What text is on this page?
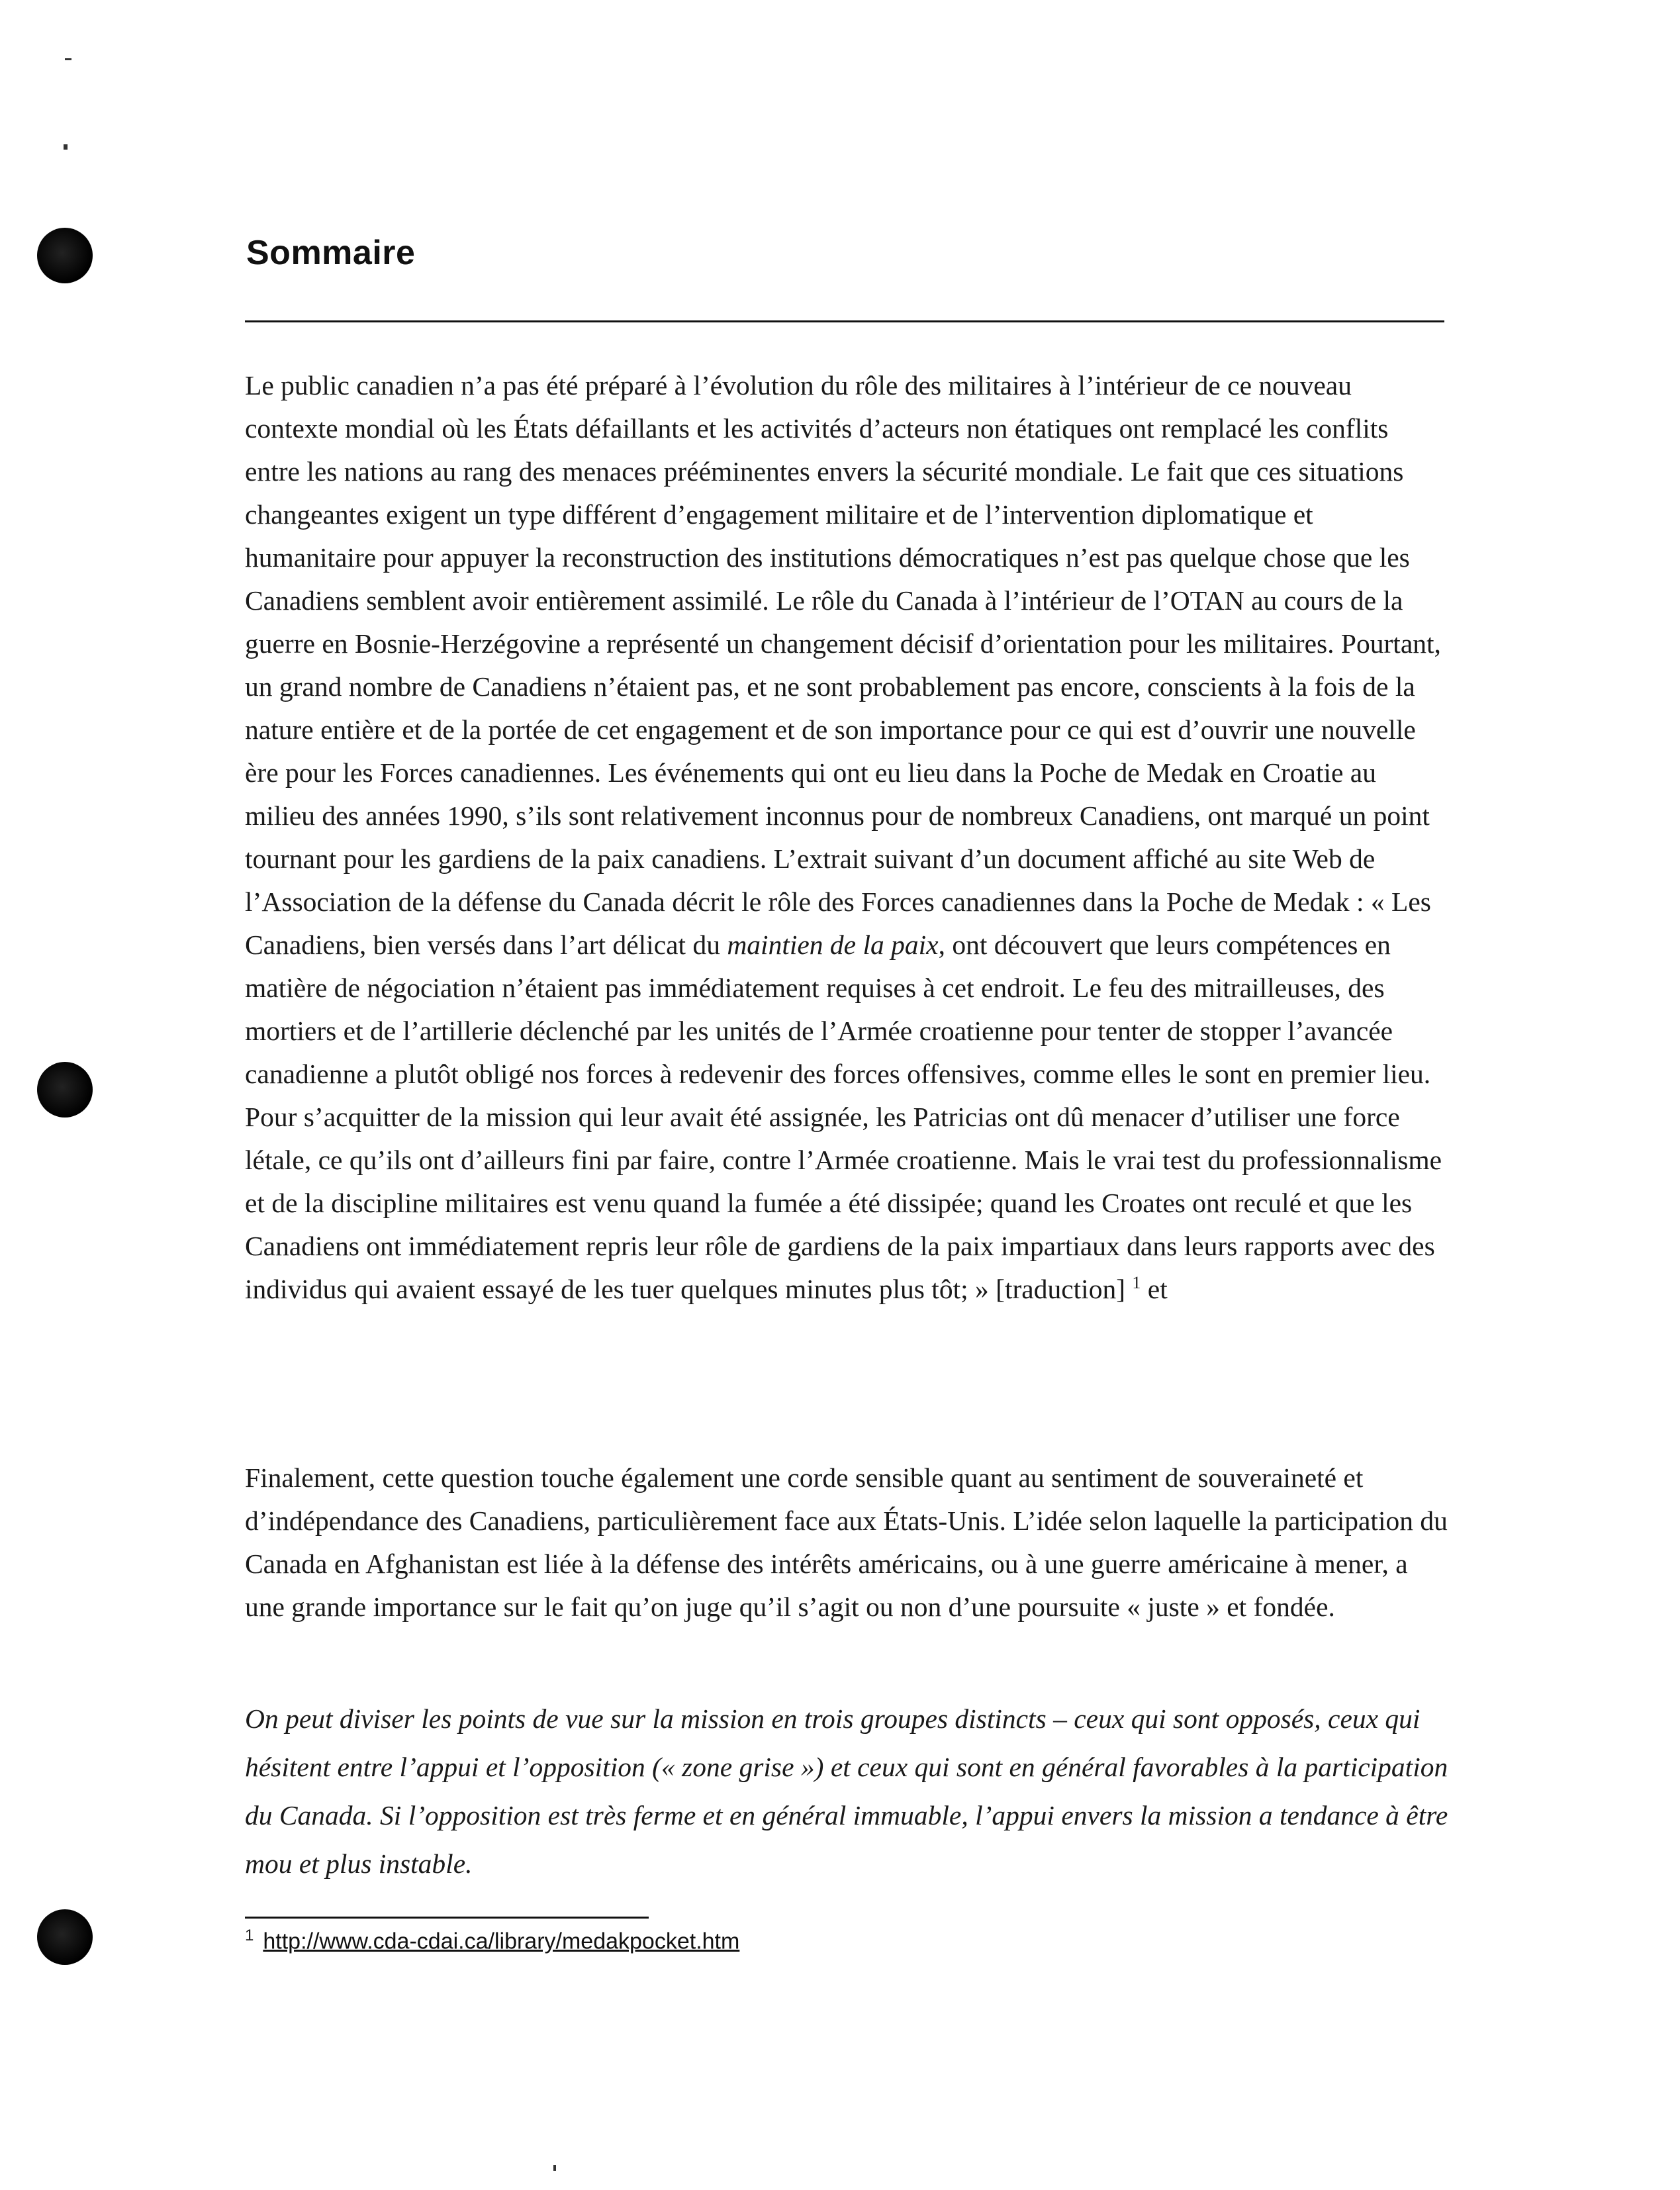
Sommaire

Le public canadien n’a pas été préparé à l’évolution du rôle des militaires à l’intérieur de ce nouveau contexte mondial où les États défaillants et les activités d’acteurs non étatiques ont remplacé les conflits entre les nations au rang des menaces prééminentes envers la sécurité mondiale. Le fait que ces situations changeantes exigent un type différent d’engagement militaire et de l’intervention diplomatique et humanitaire pour appuyer la reconstruction des institutions démocratiques n’est pas quelque chose que les Canadiens semblent avoir entièrement assimilé. Le rôle du Canada à l’intérieur de l’OTAN au cours de la guerre en Bosnie-Herzégovine a représenté un changement décisif d’orientation pour les militaires. Pourtant, un grand nombre de Canadiens n’étaient pas, et ne sont probablement pas encore, conscients à la fois de la nature entière et de la portée de cet engagement et de son importance pour ce qui est d’ouvrir une nouvelle ère pour les Forces canadiennes. Les événements qui ont eu lieu dans la Poche de Medak en Croatie au milieu des années 1990, s’ils sont relativement inconnus pour de nombreux Canadiens, ont marqué un point tournant pour les gardiens de la paix canadiens. L’extrait suivant d’un document affiché au site Web de l’Association de la défense du Canada décrit le rôle des Forces canadiennes dans la Poche de Medak : « Les Canadiens, bien versés dans l’art délicat du maintien de la paix, ont découvert que leurs compétences en matière de négociation n’étaient pas immédiatement requises à cet endroit. Le feu des mitrailleuses, des mortiers et de l’artillerie déclenché par les unités de l’Armée croatienne pour tenter de stopper l’avancée canadienne a plutôt obligé nos forces à redevenir des forces offensives, comme elles le sont en premier lieu. Pour s’acquitter de la mission qui leur avait été assignée, les Patricias ont dû menacer d’utiliser une force létale, ce qu’ils ont d’ailleurs fini par faire, contre l’Armée croatienne. Mais le vrai test du professionnalisme et de la discipline militaires est venu quand la fumée a été dissipée; quand les Croates ont reculé et que les Canadiens ont immédiatement repris leur rôle de gardiens de la paix impartiaux dans leurs rapports avec des individus qui avaient essayé de les tuer quelques minutes plus tôt; » [traduction] $^1$ et

Finalement, cette question touche également une corde sensible quant au sentiment de souveraineté et d’indépendance des Canadiens, particulièrement face aux États-Unis. L’idée selon laquelle la participation du Canada en Afghanistan est liée à la défense des intérêts américains, ou à une guerre américaine à mener, a une grande importance sur le fait qu’on juge qu’il s’agit ou non d’une poursuite « juste » et fondée.

On peut diviser les points de vue sur la mission en trois groupes distincts – ceux qui sont opposés, ceux qui hésitent entre l’appui et l’opposition (« zone grise ») et ceux qui sont en général favorables à la participation du Canada. Si l’opposition est très ferme et en général immuable, l’appui envers la mission a tendance à être mou et plus instable.

$^1$ http://www.cda-cdai.ca/library/medakpocket.htm
